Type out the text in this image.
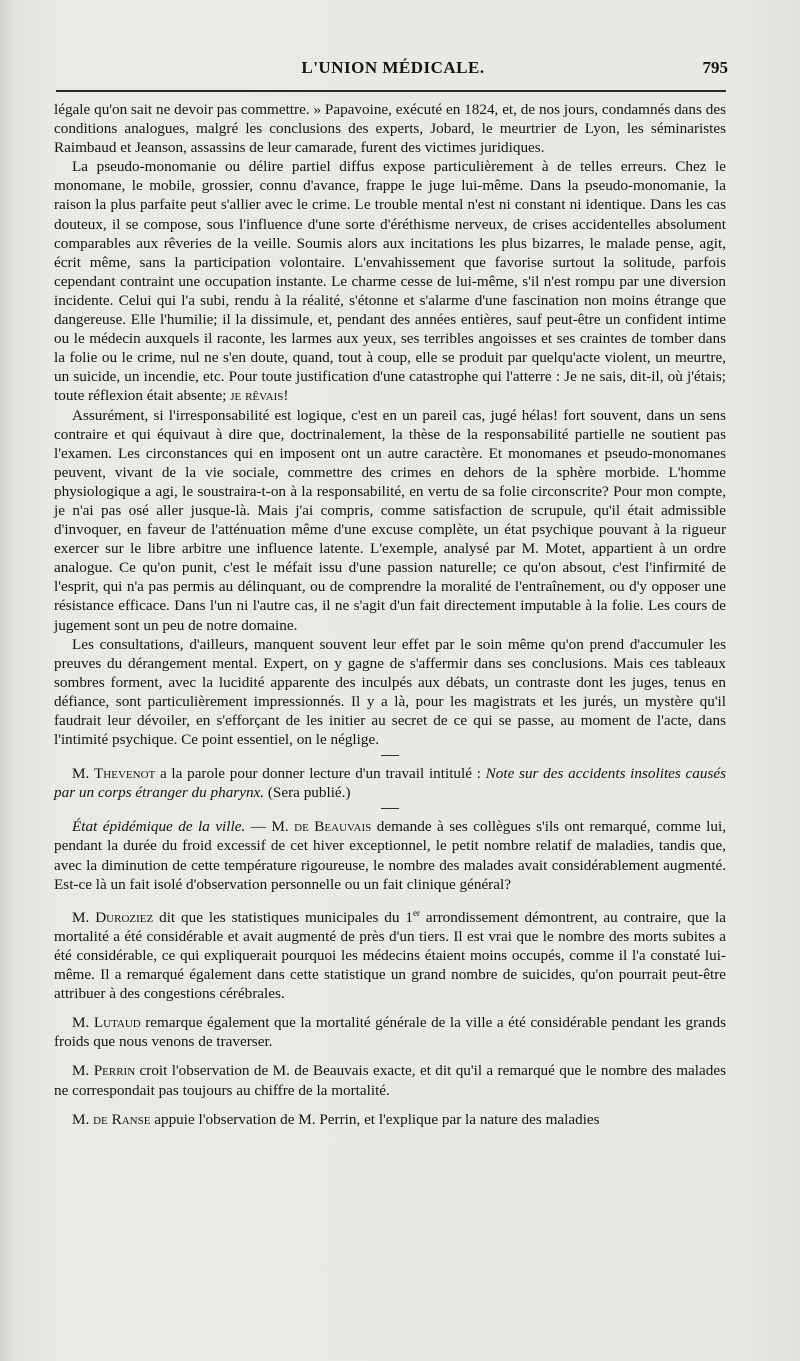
L'UNION MÉDICALE.	795

légale qu'on sait ne devoir pas commettre. » Papavoine, exécuté en 1824, et, de nos jours, condamnés dans des conditions analogues, malgré les conclusions des experts, Jobard, le meurtrier de Lyon, les séminaristes Raimbaud et Jeanson, assassins de leur camarade, furent des victimes juridiques.

La pseudo-monomanie ou délire partiel diffus expose particulièrement à de telles erreurs. Chez le monomane, le mobile, grossier, connu d'avance, frappe le juge lui-même. Dans la pseudo-monomanie, la raison la plus parfaite peut s'allier avec le crime. Le trouble mental n'est ni constant ni identique. Dans les cas douteux, il se compose, sous l'influence d'une sorte d'éréthisme nerveux, de crises accidentelles absolument comparables aux rêveries de la veille. Soumis alors aux incitations les plus bizarres, le malade pense, agit, écrit même, sans la participation volontaire. L'envahissement que favorise surtout la solitude, parfois cependant contraint une occupation instante. Le charme cesse de lui-même, s'il n'est rompu par une diversion incidente. Celui qui l'a subi, rendu à la réalité, s'étonne et s'alarme d'une fascination non moins étrange que dangereuse. Elle l'humilie; il la dissimule, et, pendant des années entières, sauf peut-être un confident intime ou le médecin auxquels il raconte, les larmes aux yeux, ses terribles angoisses et ses craintes de tomber dans la folie ou le crime, nul ne s'en doute, quand, tout à coup, elle se produit par quelqu'acte violent, un meurtre, un suicide, un incendie, etc. Pour toute justification d'une catastrophe qui l'atterre : Je ne sais, dit-il, où j'étais; toute réflexion était absente; je rêvais!

Assurément, si l'irresponsabilité est logique, c'est en un pareil cas, jugé hélas! fort souvent, dans un sens contraire et qui équivaut à dire que, doctrinalement, la thèse de la responsabilité partielle ne soutient pas l'examen. Les circonstances qui en imposent ont un autre caractère. Et monomanes et pseudo-monomanes peuvent, vivant de la vie sociale, commettre des crimes en dehors de la sphère morbide. L'homme physiologique a agi, le soustraira-t-on à la responsabilité, en vertu de sa folie circonscrite? Pour mon compte, je n'ai pas osé aller jusque-là. Mais j'ai compris, comme satisfaction de scrupule, qu'il était admissible d'invoquer, en faveur de l'atténuation même d'une excuse complète, un état psychique pouvant à la rigueur exercer sur le libre arbitre une influence latente. L'exemple, analysé par M. Motet, appartient à un ordre analogue. Ce qu'on punit, c'est le méfait issu d'une passion naturelle; ce qu'on absout, c'est l'infirmité de l'esprit, qui n'a pas permis au délinquant, ou de comprendre la moralité de l'entraînement, ou d'y opposer une résistance efficace. Dans l'un ni l'autre cas, il ne s'agit d'un fait directement imputable à la folie. Les cours de jugement sont un peu de notre domaine.

Les consultations, d'ailleurs, manquent souvent leur effet par le soin même qu'on prend d'accumuler les preuves du dérangement mental. Expert, on y gagne de s'affermir dans ses conclusions. Mais ces tableaux sombres forment, avec la lucidité apparente des inculpés aux débats, un contraste dont les juges, tenus en défiance, sont particulièrement impressionnés. Il y a là, pour les magistrats et les jurés, un mystère qu'il faudrait leur dévoiler, en s'efforçant de les initier au secret de ce qui se passe, au moment de l'acte, dans l'intimité psychique. Ce point essentiel, on le néglige.

M. Thevenot a la parole pour donner lecture d'un travail intitulé : Note sur des accidents insolites causés par un corps étranger du pharynx. (Sera publié.)

État épidémique de la ville. — M. de Beauvais demande à ses collègues s'ils ont remarqué, comme lui, pendant la durée du froid excessif de cet hiver exceptionnel, le petit nombre relatif de maladies, tandis que, avec la diminution de cette température rigoureuse, le nombre des malades avait considérablement augmenté. Est-ce là un fait isolé d'observation personnelle ou un fait clinique général?

M. Duroziez dit que les statistiques municipales du 1er arrondissement démontrent, au contraire, que la mortalité a été considérable et avait augmenté de près d'un tiers. Il est vrai que le nombre des morts subites a été considérable, ce qui expliquerait pourquoi les médecins étaient moins occupés, comme il l'a constaté lui-même. Il a remarqué également dans cette statistique un grand nombre de suicides, qu'on pourrait peut-être attribuer à des congestions cérébrales.

M. Lutaud remarque également que la mortalité générale de la ville a été considérable pendant les grands froids que nous venons de traverser.

M. Perrin croit l'observation de M. de Beauvais exacte, et dit qu'il a remarqué que le nombre des malades ne correspondait pas toujours au chiffre de la mortalité.

M. de Ranse appuie l'observation de M. Perrin, et l'explique par la nature des maladies
